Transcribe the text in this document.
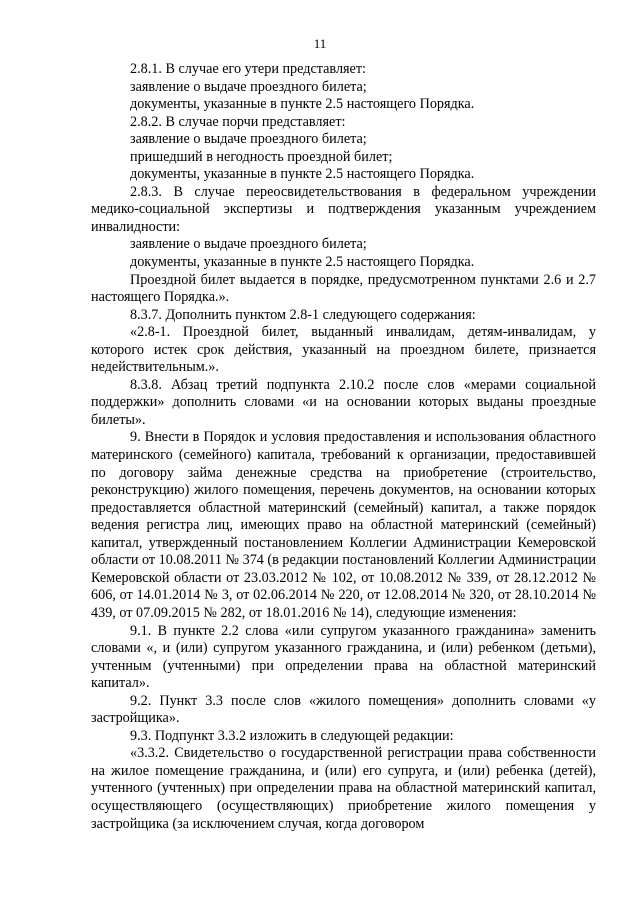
11

2.8.1. В случае его утери представляет:

заявление о выдаче проездного билета;

документы, указанные в пункте 2.5 настоящего Порядка.

2.8.2. В случае порчи представляет:

заявление о выдаче проездного билета;

пришедший в негодность проездной билет;

документы, указанные в пункте 2.5 настоящего Порядка.

2.8.3. В случае переосвидетельствования в федеральном учреждении медико-социальной экспертизы и подтверждения указанным учреждением инвалидности:

заявление о выдаче проездного билета;

документы, указанные в пункте 2.5 настоящего Порядка.

Проездной билет выдается в порядке, предусмотренном пунктами 2.6 и 2.7 настоящего Порядка.».

8.3.7. Дополнить пунктом 2.8-1 следующего содержания:

«2.8-1. Проездной билет, выданный инвалидам, детям-инвалидам, у которого истек срок действия, указанный на проездном билете, признается недействительным.».

8.3.8. Абзац третий подпункта 2.10.2 после слов «мерами социальной поддержки» дополнить словами «и на основании которых выданы проездные билеты».

9. Внести в Порядок и условия предоставления и использования областного материнского (семейного) капитала, требований к организации, предоставившей по договору займа денежные средства на приобретение (строительство, реконструкцию) жилого помещения, перечень документов, на основании которых предоставляется областной материнский (семейный) капитал, а также порядок ведения регистра лиц, имеющих право на областной материнский (семейный) капитал, утвержденный постановлением Коллегии Администрации Кемеровской области от 10.08.2011 № 374 (в редакции постановлений Коллегии Администрации Кемеровской области от 23.03.2012 № 102, от 10.08.2012 № 339, от 28.12.2012 № 606, от 14.01.2014 № 3, от 02.06.2014 № 220, от 12.08.2014 № 320, от 28.10.2014 № 439, от 07.09.2015 № 282, от 18.01.2016 № 14), следующие изменения:

9.1. В пункте 2.2 слова «или супругом указанного гражданина» заменить словами «, и (или) супругом указанного гражданина, и (или) ребенком (детьми), учтенным (учтенными) при определении права на областной материнский капитал».

9.2. Пункт 3.3 после слов «жилого помещения» дополнить словами «у застройщика».

9.3. Подпункт 3.3.2 изложить в следующей редакции:

«3.3.2. Свидетельство о государственной регистрации права собственности на жилое помещение гражданина, и (или) его супруга, и (или) ребенка (детей), учтенного (учтенных) при определении права на областной материнский капитал, осуществляющего (осуществляющих) приобретение жилого помещения у застройщика (за исключением случая, когда договором
